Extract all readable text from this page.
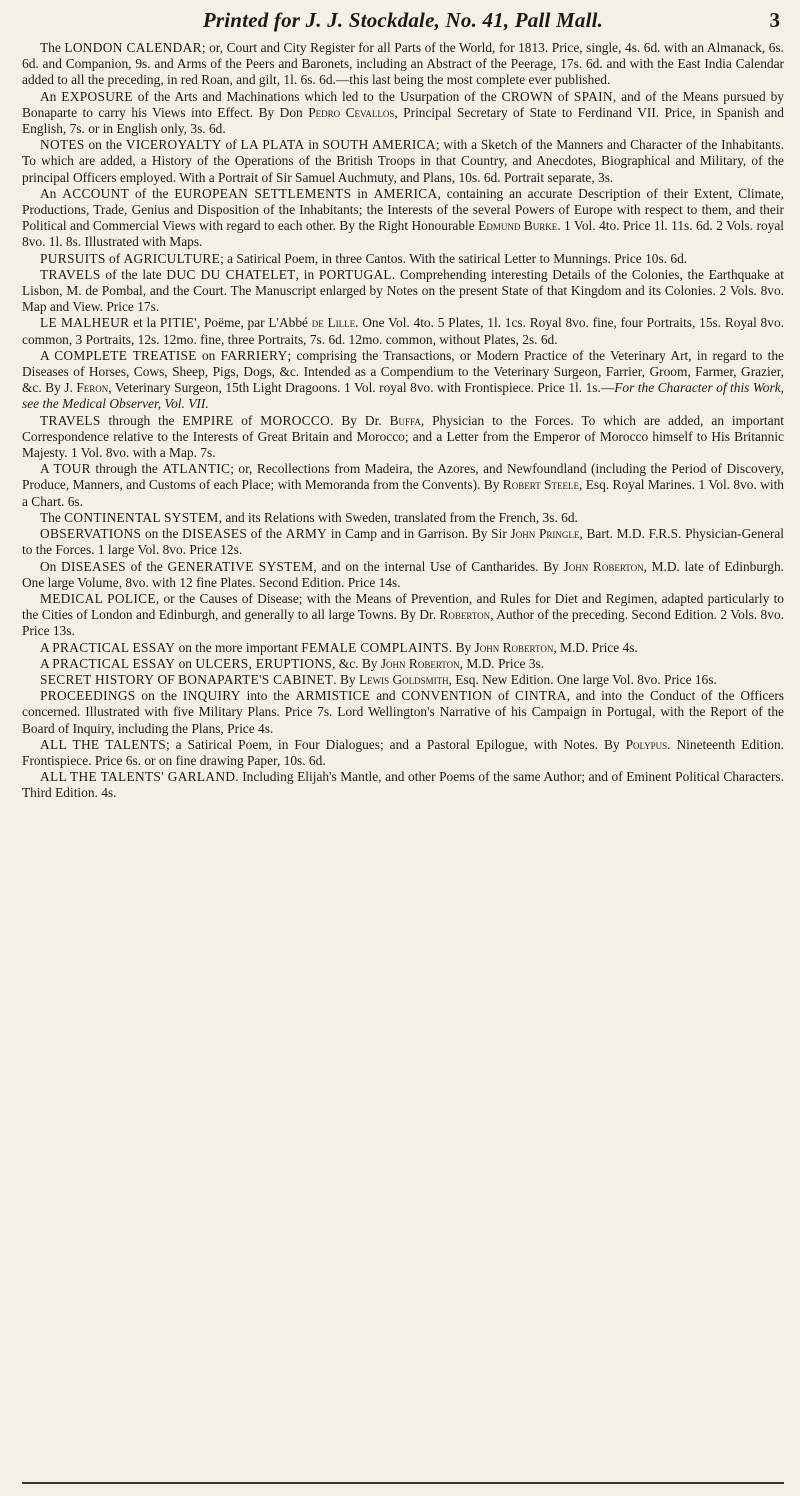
Printed for J. J. Stockdale, No. 41, Pall Mall.	3

The LONDON CALENDAR; or, Court and City Register for all Parts of the World, for 1813. Price, single, 4s. 6d. with an Almanack, 6s. 6d. and Companion, 9s. and Arms of the Peers and Baronets, including an Abstract of the Peerage, 17s. 6d. and with the East India Calendar added to all the preceding, in red Roan, and gilt, 1l. 6s. 6d.—this last being the most complete ever published.

An EXPOSURE of the Arts and Machinations which led to the Usurpation of the CROWN of SPAIN, and of the Means pursued by Bonaparte to carry his Views into Effect. By Don Pedro Cevallos, Principal Secretary of State to Ferdinand VII. Price, in Spanish and English, 7s. or in English only, 3s. 6d.

NOTES on the VICEROYALTY of LA PLATA in SOUTH AMERICA; with a Sketch of the Manners and Character of the Inhabitants. To which are added, a History of the Operations of the British Troops in that Country, and Anecdotes, Biographical and Military, of the principal Officers employed. With a Portrait of Sir Samuel Auchmuty, and Plans, 10s. 6d. Portrait separate, 3s.

An ACCOUNT of the EUROPEAN SETTLEMENTS in AMERICA, containing an accurate Description of their Extent, Climate, Productions, Trade, Genius and Disposition of the Inhabitants; the Interests of the several Powers of Europe with respect to them, and their Political and Commercial Views with regard to each other. By the Right Honourable Edmund Burke. 1 Vol. 4to. Price 1l. 11s. 6d. 2 Vols. royal 8vo. 1l. 8s. Illustrated with Maps.

PURSUITS of AGRICULTURE; a Satirical Poem, in three Cantos. With the satirical Letter to Munnings. Price 10s. 6d.

TRAVELS of the late DUC DU CHATELET, in PORTUGAL. Comprehending interesting Details of the Colonies, the Earthquake at Lisbon, M. de Pombal, and the Court. The Manuscript enlarged by Notes on the present State of that Kingdom and its Colonies. 2 Vols. 8vo. Map and View. Price 17s.

LE MALHEUR et la PITIE', Poëme, par L'Abbé de Lille. One Vol. 4to. 5 Plates, 1l. 1cs. Royal 8vo. fine, four Portraits, 15s. Royal 8vo. common, 3 Portraits, 12s. 12mo. fine, three Portraits, 7s. 6d. 12mo. common, without Plates, 2s. 6d.

A COMPLETE TREATISE on FARRIERY; comprising the Transactions, or Modern Practice of the Veterinary Art, in regard to the Diseases of Horses, Cows, Sheep, Pigs, Dogs, &c. Intended as a Compendium to the Veterinary Surgeon, Farrier, Groom, Farmer, Grazier, &c. By J. Feron, Veterinary Surgeon, 15th Light Dragoons. 1 Vol. royal 8vo. with Frontispiece. Price 1l. 1s.—For the Character of this Work, see the Medical Observer, Vol. VII.

TRAVELS through the EMPIRE of MOROCCO. By Dr. Buffa, Physician to the Forces. To which are added, an important Correspondence relative to the Interests of Great Britain and Morocco; and a Letter from the Emperor of Morocco himself to His Britannic Majesty. 1 Vol. 8vo. with a Map. 7s.

A TOUR through the ATLANTIC; or, Recollections from Madeira, the Azores, and Newfoundland (including the Period of Discovery, Produce, Manners, and Customs of each Place; with Memoranda from the Convents). By Robert Steele, Esq. Royal Marines. 1 Vol. 8vo. with a Chart. 6s.

The CONTINENTAL SYSTEM, and its Relations with Sweden, translated from the French, 3s. 6d.

OBSERVATIONS on the DISEASES of the ARMY in Camp and in Garrison. By Sir John Pringle, Bart. M.D. F.R.S. Physician-General to the Forces. 1 large Vol. 8vo. Price 12s.

On DISEASES of the GENERATIVE SYSTEM, and on the internal Use of Cantharides. By John Roberton, M.D. late of Edinburgh. One large Volume, 8vo. with 12 fine Plates. Second Edition. Price 14s.

MEDICAL POLICE, or the Causes of Disease; with the Means of Prevention, and Rules for Diet and Regimen, adapted particularly to the Cities of London and Edinburgh, and generally to all large Towns. By Dr. Roberton, Author of the preceding. Second Edition. 2 Vols. 8vo. Price 13s.

A PRACTICAL ESSAY on the more important FEMALE COMPLAINTS. By John Roberton, M.D. Price 4s.

A PRACTICAL ESSAY on ULCERS, ERUPTIONS, &c. By John Roberton, M.D. Price 3s.

SECRET HISTORY OF BONAPARTE'S CABINET. By Lewis Goldsmith, Esq. New Edition. One large Vol. 8vo. Price 16s.

PROCEEDINGS on the INQUIRY into the ARMISTICE and CONVENTION of CINTRA, and into the Conduct of the Officers concerned. Illustrated with five Military Plans. Price 7s. Lord Wellington's Narrative of his Campaign in Portugal, with the Report of the Board of Inquiry, including the Plans, Price 4s.

ALL THE TALENTS; a Satirical Poem, in Four Dialogues; and a Pastoral Epilogue, with Notes. By Polypus. Nineteenth Edition. Frontispiece. Price 6s. or on fine drawing Paper, 10s. 6d.

ALL THE TALENTS' GARLAND. Including Elijah's Mantle, and other Poems of the same Author; and of Eminent Political Characters. Third Edition. 4s.
